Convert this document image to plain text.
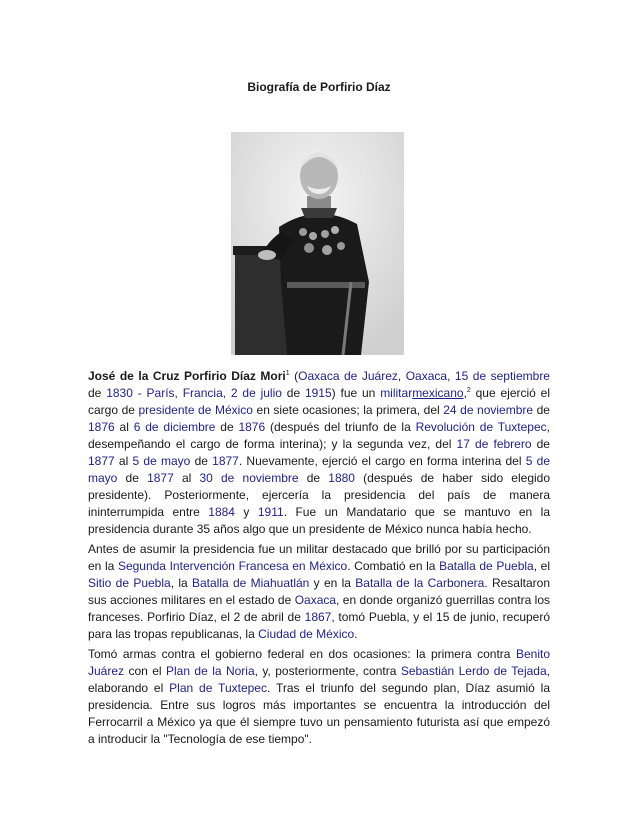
Biografía de Porfirio Díaz

José de la Cruz Porfirio Díaz Mori$^1$ (Oaxaca de Juárez, Oaxaca, 15 de septiembre de 1830 - París, Francia, 2 de julio de 1915) fue un militarmexicano,$^2$ que ejerció el cargo de presidente de México en siete ocasiones; la primera, del 24 de noviembre de 1876 al 6 de diciembre de 1876 (después del triunfo de la Revolución de Tuxtepec, desempeñando el cargo de forma interina); y la segunda vez, del 17 de febrero de 1877 al 5 de mayo de 1877. Nuevamente, ejerció el cargo en forma interina del 5 de mayo de 1877 al 30 de noviembre de 1880 (después de haber sido elegido presidente). Posteriormente, ejercería la presidencia del país de manera ininterrumpida entre 1884 y 1911. Fue un Mandatario que se mantuvo en la presidencia durante 35 años algo que un presidente de México nunca había hecho.

Antes de asumir la presidencia fue un militar destacado que brilló por su participación en la Segunda Intervención Francesa en México. Combatió en la Batalla de Puebla, el Sitio de Puebla, la Batalla de Miahuatlán y en la Batalla de la Carbonera. Resaltaron sus acciones militares en el estado de Oaxaca, en donde organizó guerrillas contra los franceses. Porfirio Díaz, el 2 de abril de 1867, tomó Puebla, y el 15 de junio, recuperó para las tropas republicanas, la Ciudad de México.

Tomó armas contra el gobierno federal en dos ocasiones: la primera contra Benito Juárez con el Plan de la Noria, y, posteriormente, contra Sebastián Lerdo de Tejada, elaborando el Plan de Tuxtepec. Tras el triunfo del segundo plan, Díaz asumió la presidencia. Entre sus logros más importantes se encuentra la introducción del Ferrocarril a México ya que él siempre tuvo un pensamiento futurista así que empezó a introducir la "Tecnología de ese tiempo".
